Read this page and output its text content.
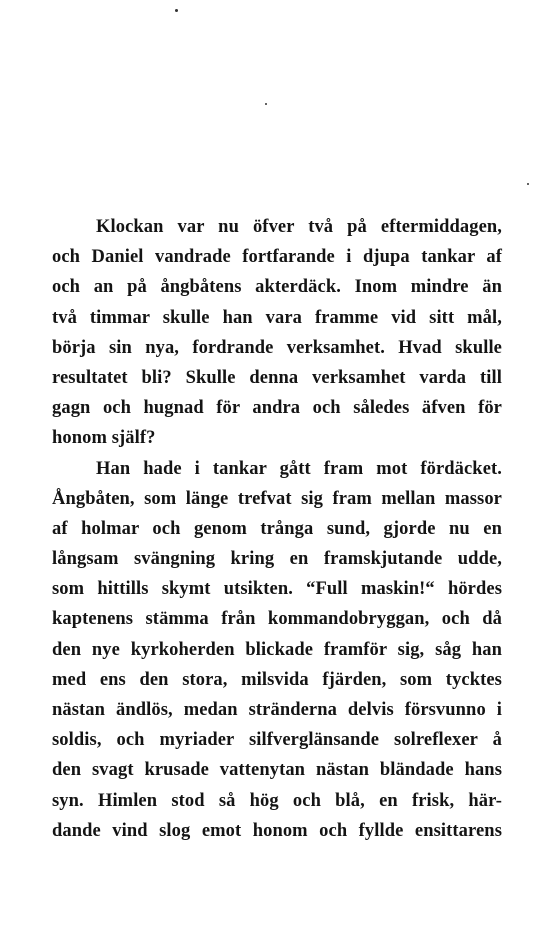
Klockan var nu öfver två på eftermiddagen,
och Daniel vandrade fortfarande i djupa tankar af
och an på ångbåtens akterdäck. Inom mindre än
två timmar skulle han vara framme vid sitt mål,
börja sin nya, fordrande verksamhet. Hvad skulle
resultatet bli? Skulle denna verksamhet varda till
gagn och hugnad för andra och således äfven för
honom själf?
Han hade i tankar gått fram mot fördäcket.
Ångbåten, som länge trefvat sig fram mellan massor
af holmar och genom trånga sund, gjorde nu en
långsam svängning kring en framskjutande udde,
som hittills skymt utsikten. “Full maskin!“ hördes
kaptenens stämma från kommandobryggan, och då
den nye kyrkoherden blickade framför sig, såg han
med ens den stora, milsvida fjärden, som tycktes
nästan ändlös, medan stränderna delvis försvunno i
soldis, och myriader silfverglänsande solreflexer å
den svagt krusade vattenytan nästan bländade hans
syn. Himlen stod så hög och blå, en frisk, här-
dande vind slog emot honom och fyllde ensittarens
